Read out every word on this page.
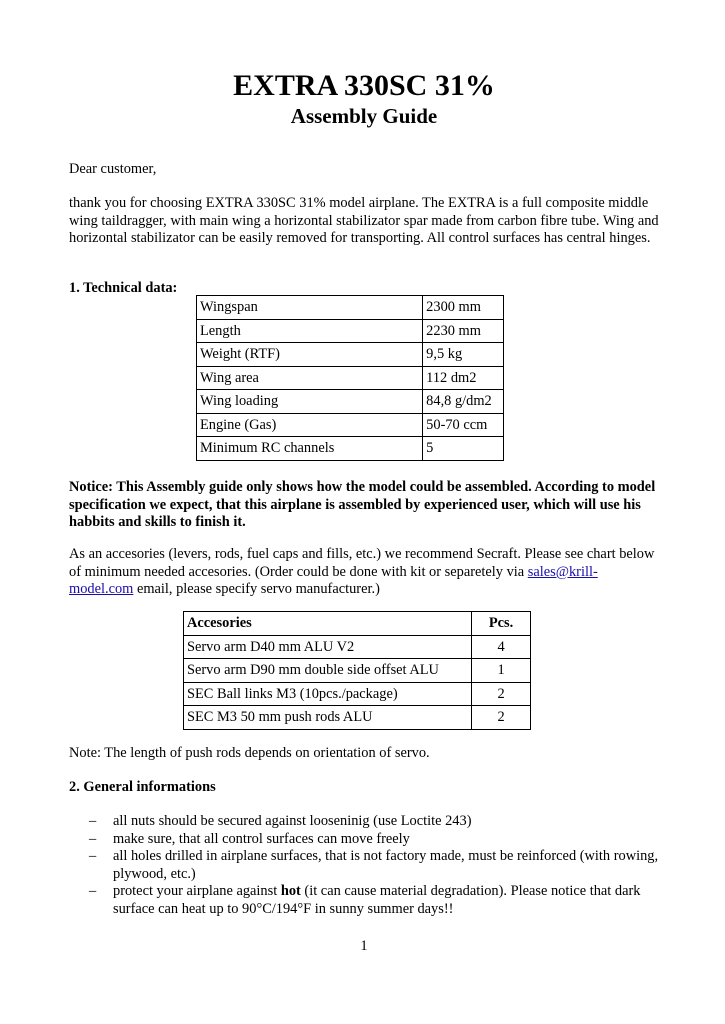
EXTRA 330SC 31%
Assembly Guide

Dear customer,

thank you for choosing EXTRA 330SC 31% model airplane. The EXTRA is a full composite middle wing taildragger, with main wing a horizontal stabilizator spar made from carbon fibre tube. Wing and horizontal stabilizator can be easily removed for transporting. All control surfaces has central hinges.

1. Technical data:

Wingspan	2300 mm
Length	2230 mm
Weight (RTF)	9,5 kg
Wing area	112 dm2
Wing loading	84,8 g/dm2
Engine (Gas)	50-70 ccm
Minimum RC channels	5

Notice: This Assembly guide only shows how the model could be assembled. According to model specification we expect, that this airplane is assembled by experienced user, which will use his habbits and skills to finish it.

As an accesories (levers, rods, fuel caps and fills, etc.) we recommend Secraft. Please see chart below of minimum needed accesories. (Order could be done with kit or separetely via sales@krill-model.com email, please specify servo manufacturer.)

Accesories	Pcs.
Servo arm D40 mm ALU V2	4
Servo arm D90 mm double side offset ALU	1
SEC Ball links M3 (10pcs./package)	2
SEC M3 50 mm push rods ALU	2

Note: The length of push rods depends on orientation of servo.

2. General informations

– all nuts should be secured against looseninig (use Loctite 243)
– make sure, that all control surfaces can move freely
– all holes drilled in airplane surfaces, that is not factory made, must be reinforced (with rowing, plywood, etc.)
– protect your airplane against hot (it can cause material degradation). Please notice that dark surface can heat up to 90°C/194°F in sunny summer days!!
1
